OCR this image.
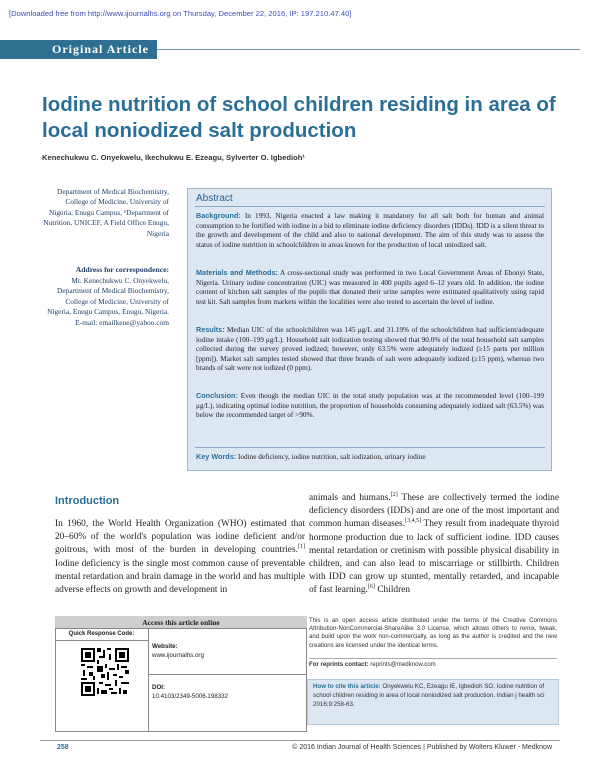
[Downloaded free from http://www.ijournalhs.org on Thursday, December 22, 2016, IP: 197.210.47.40]
Original Article
Iodine nutrition of school children residing in area of local noniodized salt production
Kenechukwu C. Onyekwelu, Ikechukwu E. Ezeagu, Sylverter O. Igbedioh¹
Department of Medical Biochemistry, College of Medicine, University of Nigeria, Enugu Campus, ¹Department of Nutrition, UNICEF, A Field Office Enugu, Nigeria
Address for correspondence:
Mr. Kenechukwu C. Onyekwelu, Department of Medical Biochemistry, College of Medicine, University of Nigeria, Enugu Campus, Enugu, Nigeria.
E-mail: emailkene@yahoo.com
Abstract
Background: In 1993, Nigeria enacted a law making it mandatory for all salt both for human and animal consumption to be fortified with iodine in a bid to eliminate iodine deficiency disorders (IDDs). IDD is a silent threat to the growth and development of the child and also to national development. The aim of this study was to assess the status of iodine nutrition in schoolchildren in areas known for the production of local uniodized salt.
Materials and Methods: A cross-sectional study was performed in two Local Government Areas of Ebonyi State, Nigeria. Urinary iodine concentration (UIC) was measured in 400 pupils aged 6–12 years old. In addition, the iodine content of kitchen salt samples of the pupils that donated their urine samples were estimated qualitatively using rapid test kit. Salt samples from markets within the localities were also tested to ascertain the level of iodine.
Results: Median UIC of the schoolchildren was 145 μg/L and 31.19% of the schoolchildren had sufficient/adequate iodine intake (100–199 μg/L). Household salt iodization testing showed that 90.0% of the total household salt samples collected during the survey proved iodized; however, only 63.5% were adequately iodized (≥15 parts per million [ppm]). Market salt samples tested showed that three brands of salt were adequately iodized (≥15 ppm), whereas two brands of salt were not iodized (0 ppm).
Conclusion: Even though the median UIC in the total study population was at the recommended level (100–199 μg/L), indicating optimal iodine nutrition, the proportion of households consuming adequately iodized salt (63.5%) was below the recommended target of >90%.
Key Words: Iodine deficiency, iodine nutrition, salt iodization, urinary iodine
Introduction
In 1960, the World Health Organization (WHO) estimated that 20–60% of the world's population was iodine deficient and/or goitrous, with most of the burden in developing countries.[1] Iodine deficiency is the single most common cause of preventable mental retardation and brain damage in the world and has multiple adverse effects on growth and development in
animals and humans.[2] These are collectively termed the iodine deficiency disorders (IDDs) and are one of the most important and common human diseases.[3,4,5] They result from inadequate thyroid hormone production due to lack of sufficient iodine. IDD causes mental retardation or cretinism with possible physical disability in children, and can also lead to miscarriage or stillbirth. Children with IDD can grow up stunted, mentally retarded, and incapable of fast learning.[6] Children
Access this article online
Quick Response Code:
Website:
www.ijournalhs.org
DOI:
10.4103/2349-5006.198332
This is an open access article distributed under the terms of the Creative Commons Attribution-NonCommercial-ShareAlike 3.0 License, which allows others to remix, tweak, and build upon the work non-commercially, as long as the author is credited and the new creations are licensed under the identical terms.
For reprints contact: reprints@medknow.com
How to cite this article: Onyekwelu KC, Ezeagu IE, Igbedioh SO. Iodine nutrition of school children residing in area of local noniodized salt production. Indian j health sci 2016;9:258-63.
258	© 2016 Indian Journal of Health Sciences | Published by Wolters Kluwer - Medknow
